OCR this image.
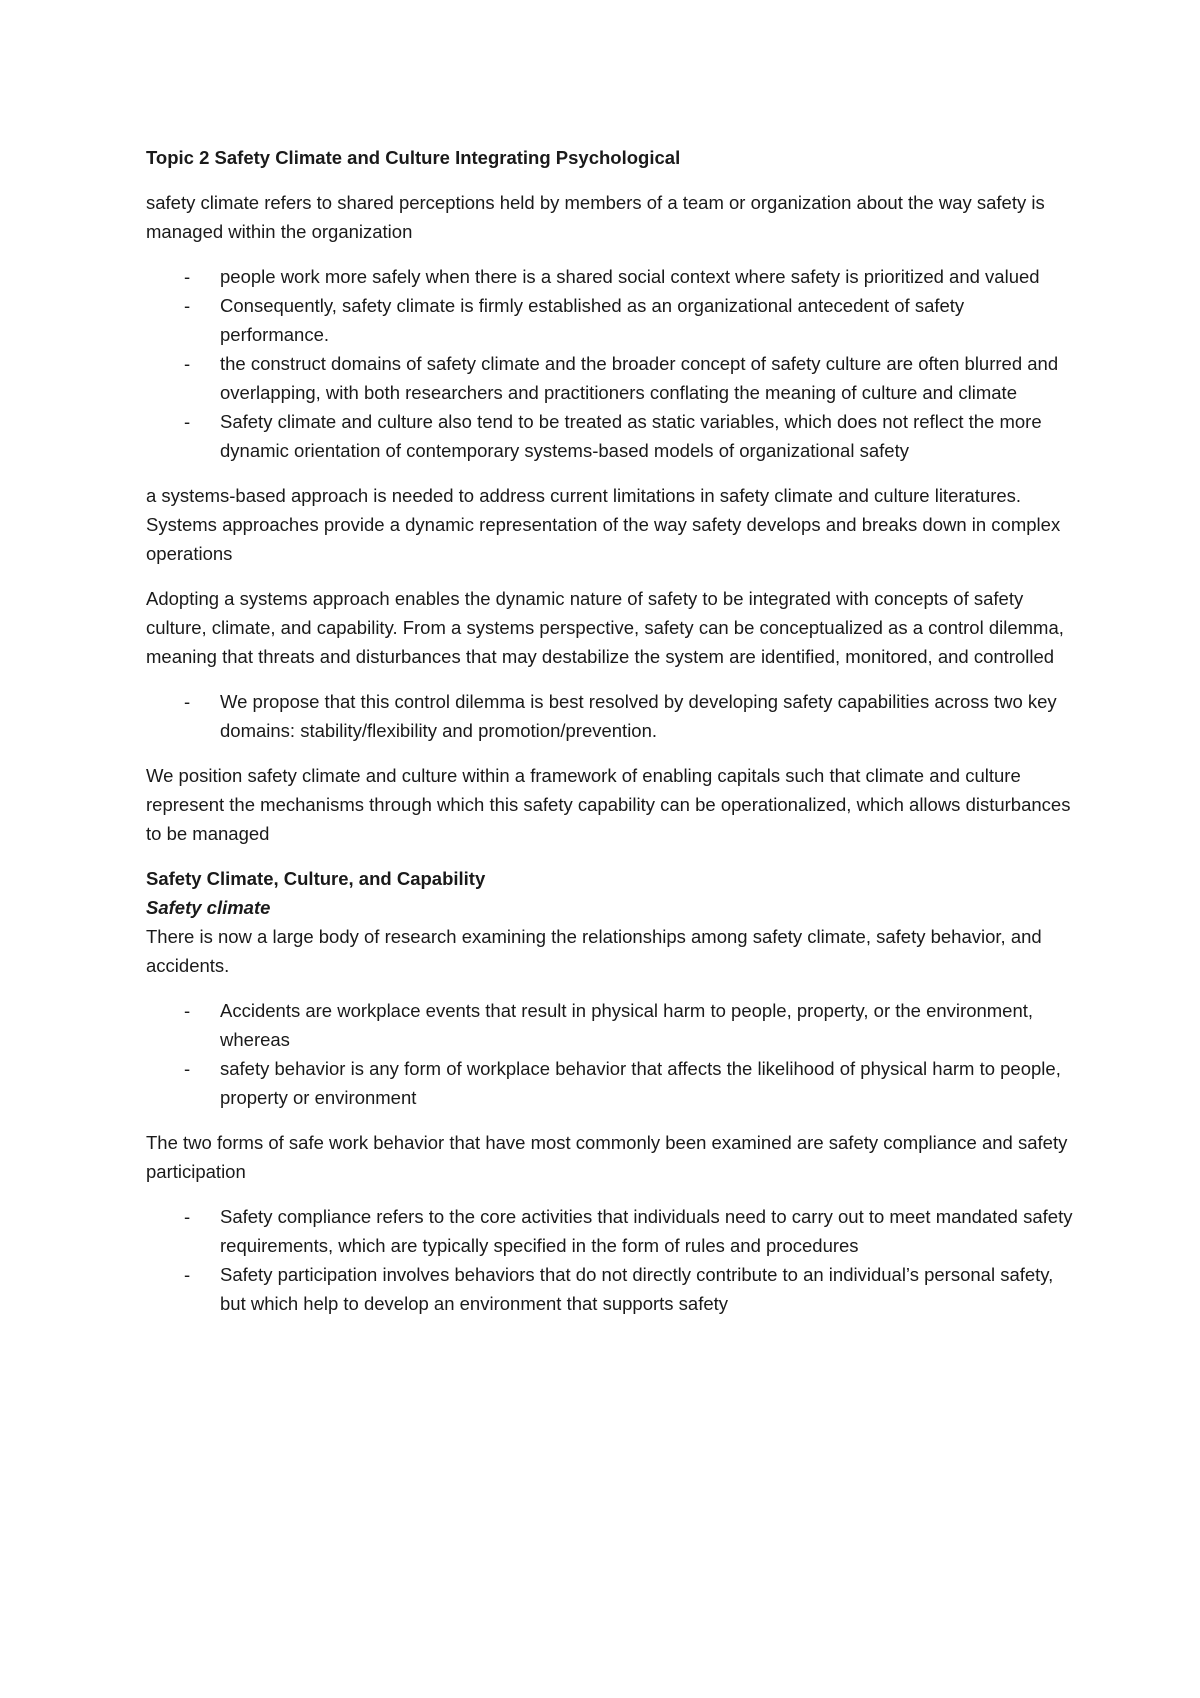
Topic 2 Safety Climate and Culture Integrating Psychological

safety climate refers to shared perceptions held by members of a team or organization about the way safety is managed within the organization

- people work more safely when there is a shared social context where safety is prioritized and valued
- Consequently, safety climate is firmly established as an organizational antecedent of safety performance.
- the construct domains of safety climate and the broader concept of safety culture are often blurred and overlapping, with both researchers and practitioners conflating the meaning of culture and climate
- Safety climate and culture also tend to be treated as static variables, which does not reflect the more dynamic orientation of contemporary systems-based models of organizational safety

a systems-based approach is needed to address current limitations in safety climate and culture literatures. Systems approaches provide a dynamic representation of the way safety develops and breaks down in complex operations

Adopting a systems approach enables the dynamic nature of safety to be integrated with concepts of safety culture, climate, and capability. From a systems perspective, safety can be conceptualized as a control dilemma, meaning that threats and disturbances that may destabilize the system are identified, monitored, and controlled

- We propose that this control dilemma is best resolved by developing safety capabilities across two key domains: stability/flexibility and promotion/prevention.

We position safety climate and culture within a framework of enabling capitals such that climate and culture represent the mechanisms through which this safety capability can be operationalized, which allows disturbances to be managed

Safety Climate, Culture, and Capability
Safety climate

There is now a large body of research examining the relationships among safety climate, safety behavior, and accidents.

- Accidents are workplace events that result in physical harm to people, property, or the environment, whereas
- safety behavior is any form of workplace behavior that affects the likelihood of physical harm to people, property or environment

The two forms of safe work behavior that have most commonly been examined are safety compliance and safety participation

- Safety compliance refers to the core activities that individuals need to carry out to meet mandated safety requirements, which are typically specified in the form of rules and procedures
- Safety participation involves behaviors that do not directly contribute to an individual’s personal safety, but which help to develop an environment that supports safety
